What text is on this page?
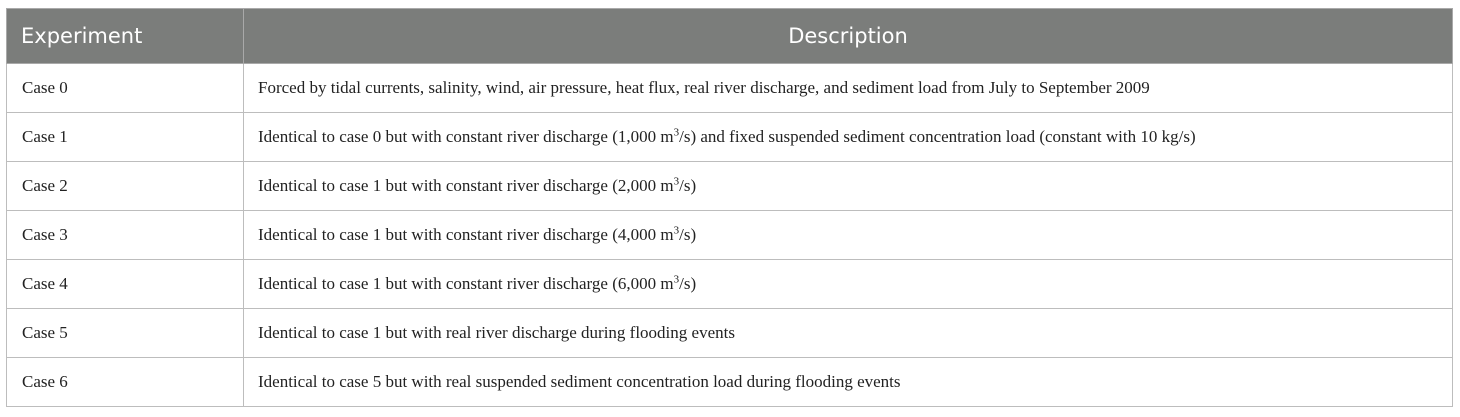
Experiment	Description
Case 0	Forced by tidal currents, salinity, wind, air pressure, heat flux, real river discharge, and sediment load from July to September 2009
Case 1	Identical to case 0 but with constant river discharge (1,000 $m^3/s$) and fixed suspended sediment concentration load (constant with 10 kg/s)
Case 2	Identical to case 1 but with constant river discharge (2,000 $m^3/s$)
Case 3	Identical to case 1 but with constant river discharge (4,000 $m^3/s$)
Case 4	Identical to case 1 but with constant river discharge (6,000 $m^3/s$)
Case 5	Identical to case 1 but with real river discharge during flooding events
Case 6	Identical to case 5 but with real suspended sediment concentration load during flooding events
